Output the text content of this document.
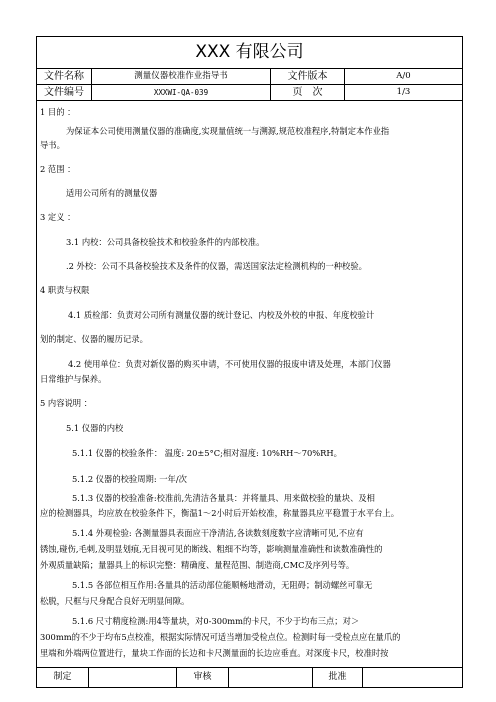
XXX 有限公司
文件名称	测量仪器校准作业指导书	文件版本	A/0
文件编号	XXXWI-QA-039	页　次	1/3
1 目的 ：
为保证本公司使用测量仪器的准确度,实现量值统一与溯源,规范校准程序,特制定本作业指
导书。
2 范围 ：
适用公司所有的测量仪器
3 定义 ：
3.1 内校：公司具备校验技术和校验条件的内部校准。
.2 外校：公司不具备校验技术及条件的仪器，需送国家法定检测机构的一种校验。
4 职责与权限
4.1 质检部：负责对公司所有测量仪器的统计登记、内校及外校的申报、年度校验计
划的制定、仪器的履历记录。
4.2 使用单位：负责对新仪器的购买申请，不可使用仪器的报废申请及处理，本部门仪器
日常维护与保养。
5 内容说明 ：
5.1 仪器的内校
5.1.1 仪器的校验条件： 温度: 20±5°C;相对湿度: 10%RH～70%RH。
5.1.2 仪器的校验周期: 一年/次
5.1.3 仪器的校验准备:校准前,先清洁各量具：并将量具、用来做校验的量块、及相
应的检测器具，均应放在校验条件下，衡温1～2小时后开始校准，称量器具应平稳置于水平台上。
5.1.4 外观检验: 各测量器具表面应干净清洁,各读数刻度数字应清晰可见,不应有
锈蚀,碰伤,毛刺,及明显划痕,无目视可见的断线、粗细不均等，影响测量准确性和读数准确性的
外观质量缺陷；量器具上的标识完整：精确度、量程范围、制造商,CMC及序列号等。
5.1.5 各部位相互作用:各量具的活动部位能顺畅地滑动，无阻碍；制动螺丝可靠无
松脱，尺框与尺身配合良好无明显间隙。
5.1.6 尺寸精度检测:用4等量块，对0-300mm的卡尺，不少于均布三点；对＞
300mm的不少于均布5点校准，根据实际情况可适当增加受检点位。检测时每一受检点应在量爪的
里端和外端两位置进行，量块工作面的长边和卡尺测量面的长边应垂直。对深度卡尺，校准时按
制定	审核	批准
